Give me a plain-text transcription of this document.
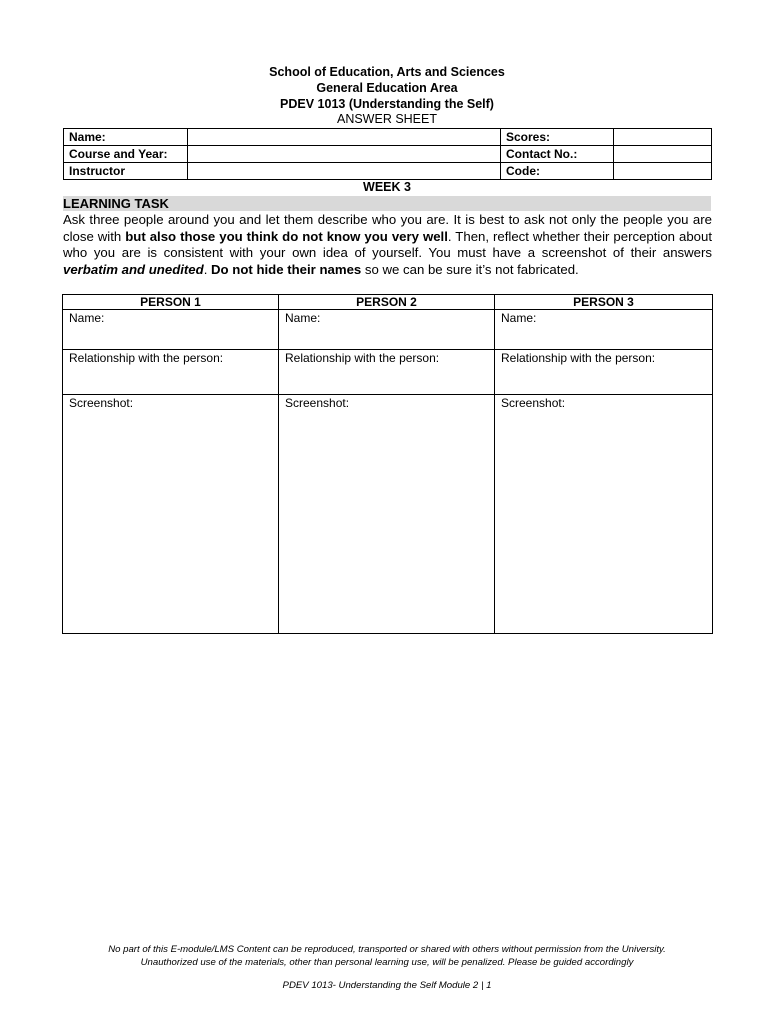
School of Education, Arts and Sciences
General Education Area
PDEV 1013 (Understanding the Self)
ANSWER SHEET
Name:		Scores:	
Course and Year:		Contact No.:	
Instructor		Code:	
WEEK 3
LEARNING TASK
Ask three people around you and let them describe who you are. It is best to ask not only the people you are close with but also those you think do not know you very well. Then, reflect whether their perception about who you are is consistent with your own idea of yourself. You must have a screenshot of their answers verbatim and unedited. Do not hide their names so we can be sure it’s not fabricated.
PERSON 1	PERSON 2	PERSON 3
Name:	Name:	Name:
Relationship with the person:	Relationship with the person:	Relationship with the person:
Screenshot:	Screenshot:	Screenshot:
No part of this E-module/LMS Content can be reproduced, transported or shared with others without permission from the University.
Unauthorized use of the materials, other than personal learning use, will be penalized. Please be guided accordingly
PDEV 1013- Understanding the Self Module 2 | 1
